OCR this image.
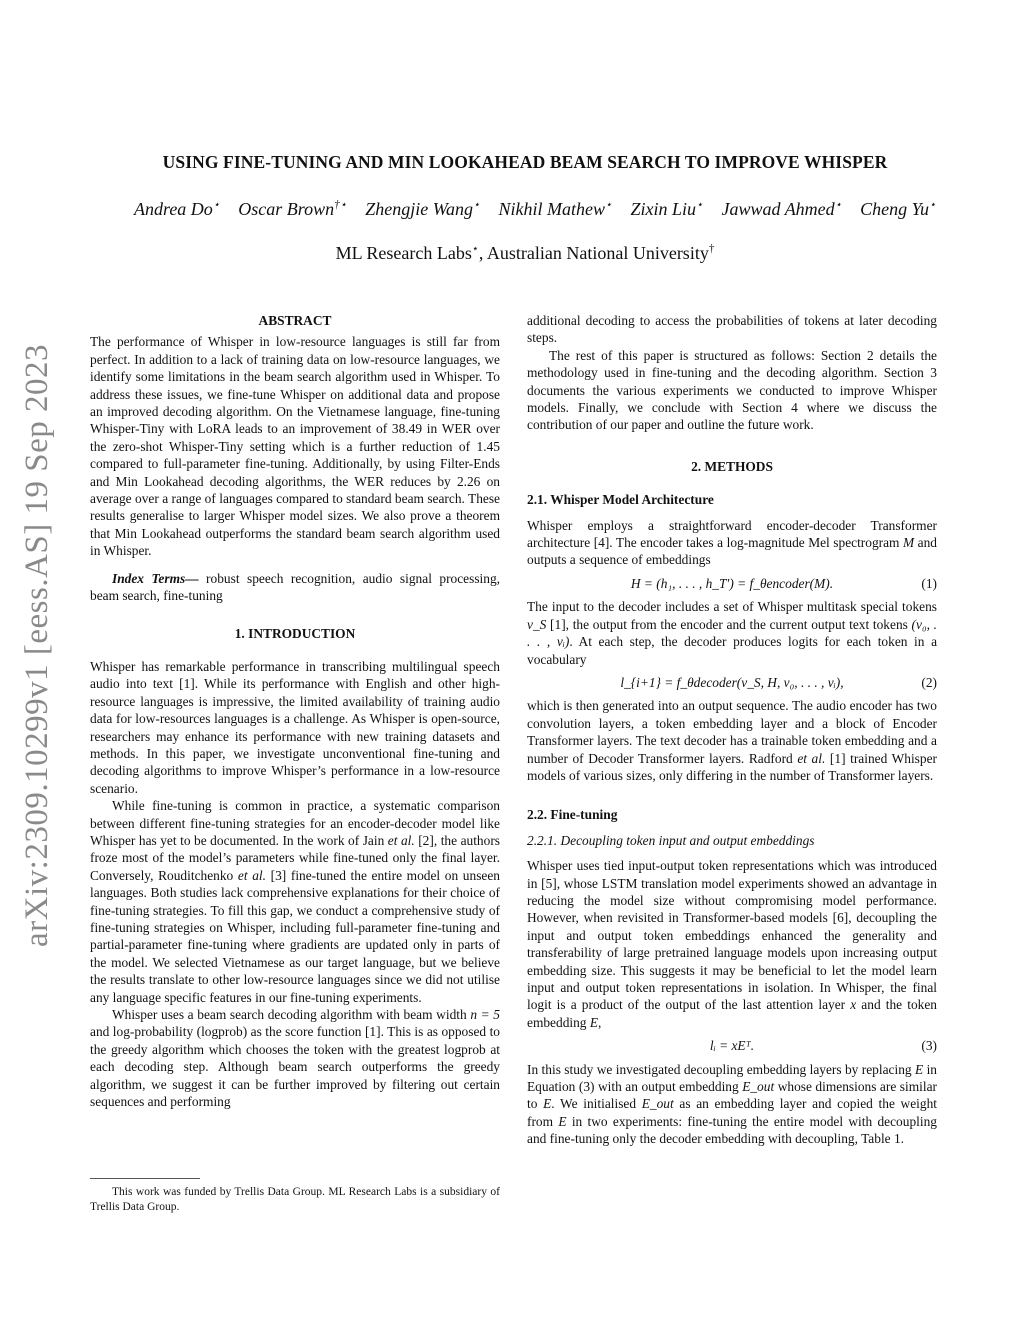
arXiv:2309.10299v1 [eess.AS] 19 Sep 2023
USING FINE-TUNING AND MIN LOOKAHEAD BEAM SEARCH TO IMPROVE WHISPER
Andrea Do⋆ Oscar Brown†⋆ Zhengjie Wang⋆ Nikhil Mathew⋆ Zixin Liu⋆ Jawwad Ahmed⋆ Cheng Yu⋆
ML Research Labs⋆, Australian National University†
ABSTRACT

The performance of Whisper in low-resource languages is still far from perfect. In addition to a lack of training data on low-resource languages, we identify some limitations in the beam search algorithm used in Whisper. To address these issues, we fine-tune Whisper on additional data and propose an improved decoding algorithm. On the Vietnamese language, fine-tuning Whisper-Tiny with LoRA leads to an improvement of 38.49 in WER over the zero-shot Whisper-Tiny setting which is a further reduction of 1.45 compared to full-parameter fine-tuning. Additionally, by using Filter-Ends and Min Lookahead decoding algorithms, the WER reduces by 2.26 on average over a range of languages compared to standard beam search. These results generalise to larger Whisper model sizes. We also prove a theorem that Min Lookahead outperforms the standard beam search algorithm used in Whisper.

Index Terms— robust speech recognition, audio signal processing, beam search, fine-tuning

1. INTRODUCTION

Whisper has remarkable performance in transcribing multilingual speech audio into text [1]. While its performance with English and other high-resource languages is impressive, the limited availability of training audio data for low-resources languages is a challenge. As Whisper is open-source, researchers may enhance its performance with new training datasets and methods. In this paper, we investigate unconventional fine-tuning and decoding algorithms to improve Whisper’s performance in a low-resource scenario.

While fine-tuning is common in practice, a systematic comparison between different fine-tuning strategies for an encoder-decoder model like Whisper has yet to be documented. In the work of Jain et al. [2], the authors froze most of the model’s parameters while fine-tuned only the final layer. Conversely, Rouditchenko et al. [3] fine-tuned the entire model on unseen languages. Both studies lack comprehensive explanations for their choice of fine-tuning strategies. To fill this gap, we conduct a comprehensive study of fine-tuning strategies on Whisper, including full-parameter fine-tuning and partial-parameter fine-tuning where gradients are updated only in parts of the model. We selected Vietnamese as our target language, but we believe the results translate to other low-resource languages since we did not utilise any language specific features in our fine-tuning experiments.

Whisper uses a beam search decoding algorithm with beam width n = 5 and log-probability (logprob) as the score function [1]. This is as opposed to the greedy algorithm which chooses the token with the greatest logprob at each decoding step. Although beam search outperforms the greedy algorithm, we suggest it can be further improved by filtering out certain sequences and performing

This work was funded by Trellis Data Group. ML Research Labs is a subsidiary of Trellis Data Group.

additional decoding to access the probabilities of tokens at later decoding steps.

The rest of this paper is structured as follows: Section 2 details the methodology used in fine-tuning and the decoding algorithm. Section 3 documents the various experiments we conducted to improve Whisper models. Finally, we conclude with Section 4 where we discuss the contribution of our paper and outline the future work.

2. METHODS
2.1. Whisper Model Architecture

Whisper employs a straightforward encoder-decoder Transformer architecture [4]. The encoder takes a log-magnitude Mel spectrogram M and outputs a sequence of embeddings

H = (h₁, . . . , h_T′) = f_θencoder(M).	(1)

The input to the decoder includes a set of Whisper multitask special tokens v_S [1], the output from the encoder and the current output text tokens (v₀, . . . , vᵢ). At each step, the decoder produces logits for each token in a vocabulary

l_{i+1} = f_θdecoder(v_S, H, v₀, . . . , vᵢ),	(2)

which is then generated into an output sequence. The audio encoder has two convolution layers, a token embedding layer and a block of Encoder Transformer layers. The text decoder has a trainable token embedding and a number of Decoder Transformer layers. Radford et al. [1] trained Whisper models of various sizes, only differing in the number of Transformer layers.

2.2. Fine-tuning
2.2.1. Decoupling token input and output embeddings

Whisper uses tied input-output token representations which was introduced in [5], whose LSTM translation model experiments showed an advantage in reducing the model size without compromising model performance. However, when revisited in Transformer-based models [6], decoupling the input and output token embeddings enhanced the generality and transferability of large pretrained language models upon increasing output embedding size. This suggests it may be beneficial to let the model learn input and output token representations in isolation. In Whisper, the final logit is a product of the output of the last attention layer x and the token embedding E,

lᵢ = xEᵀ.	(3)

In this study we investigated decoupling embedding layers by replacing E in Equation (3) with an output embedding E_out whose dimensions are similar to E. We initialised E_out as an embedding layer and copied the weight from E in two experiments: fine-tuning the entire model with decoupling and fine-tuning only the decoder embedding with decoupling, Table 1.
